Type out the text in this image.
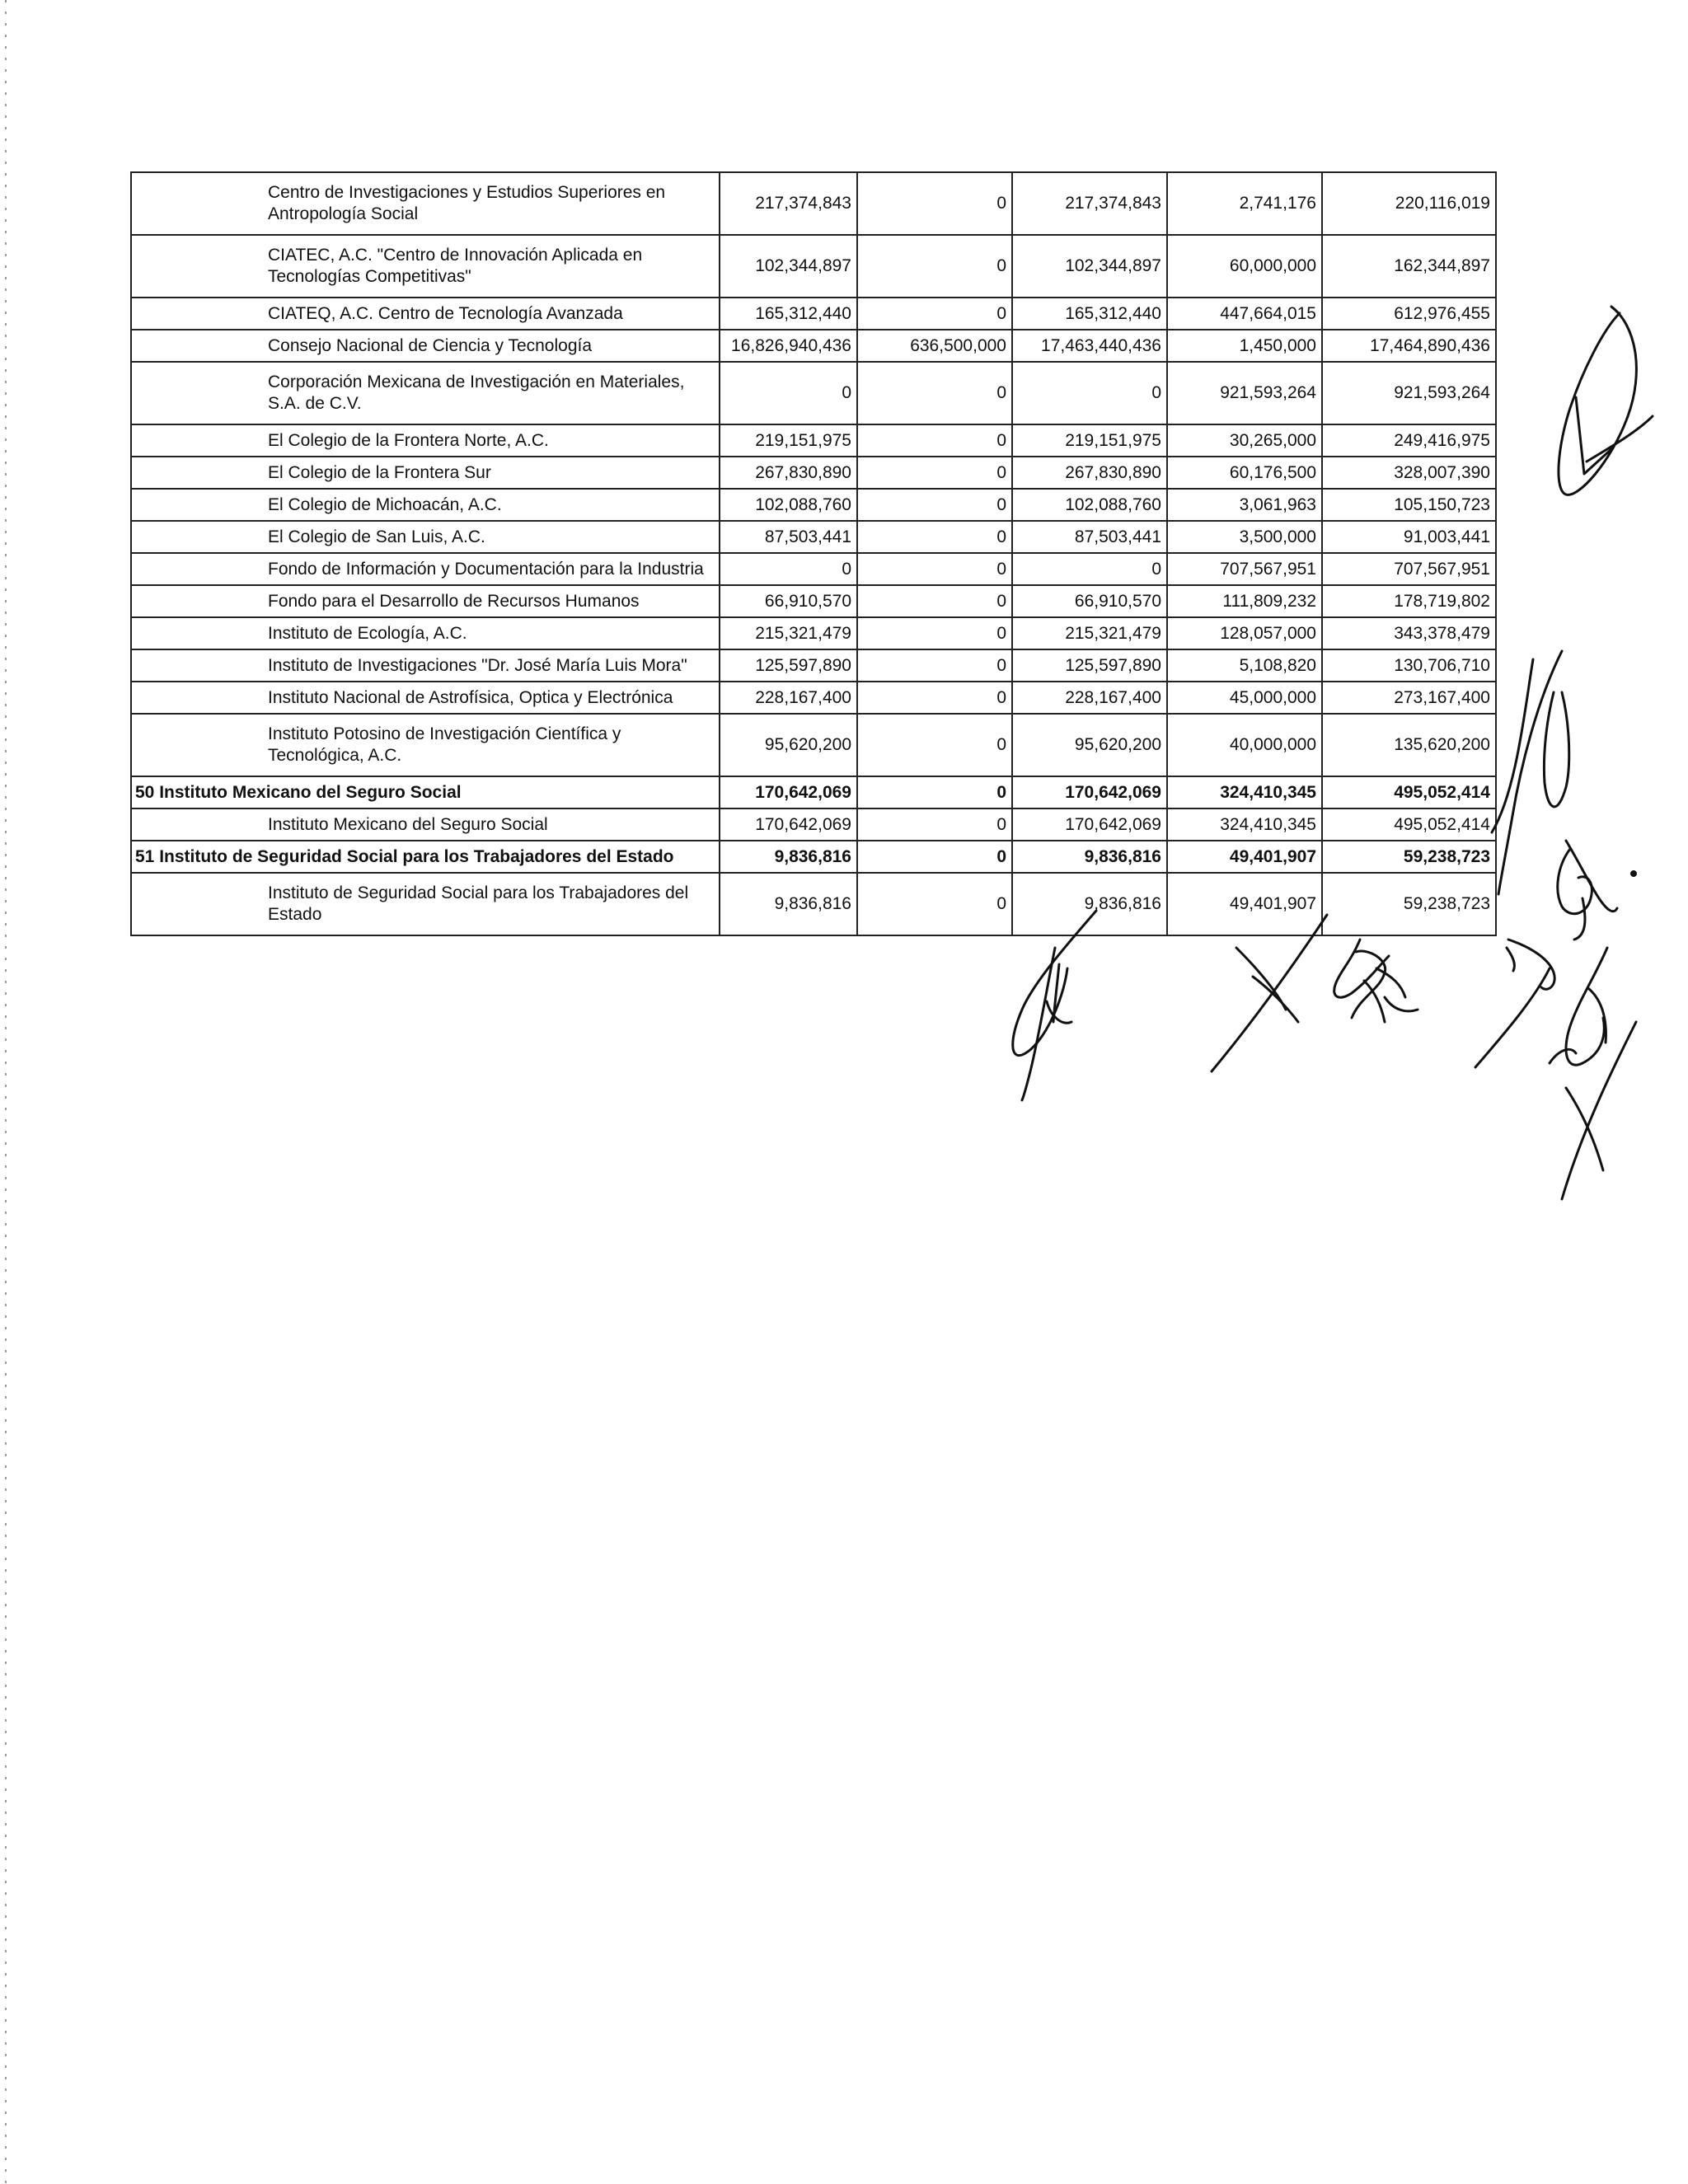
	Centro de Investigaciones y Estudios Superiores en Antropología Social	217,374,843	0	217,374,843	2,741,176	220,116,019
	CIATEC, A.C. "Centro de Innovación Aplicada en Tecnologías Competitivas"	102,344,897	0	102,344,897	60,000,000	162,344,897
	CIATEQ, A.C. Centro de Tecnología Avanzada	165,312,440	0	165,312,440	447,664,015	612,976,455
	Consejo Nacional de Ciencia y Tecnología	16,826,940,436	636,500,000	17,463,440,436	1,450,000	17,464,890,436
	Corporación Mexicana de Investigación en Materiales, S.A. de C.V.	0	0	0	921,593,264	921,593,264
	El Colegio de la Frontera Norte, A.C.	219,151,975	0	219,151,975	30,265,000	249,416,975
	El Colegio de la Frontera Sur	267,830,890	0	267,830,890	60,176,500	328,007,390
	El Colegio de Michoacán, A.C.	102,088,760	0	102,088,760	3,061,963	105,150,723
	El Colegio de San Luis, A.C.	87,503,441	0	87,503,441	3,500,000	91,003,441
	Fondo de Información y Documentación para la Industria	0	0	0	707,567,951	707,567,951
	Fondo para el Desarrollo de Recursos Humanos	66,910,570	0	66,910,570	111,809,232	178,719,802
	Instituto de Ecología, A.C.	215,321,479	0	215,321,479	128,057,000	343,378,479
	Instituto de Investigaciones "Dr. José María Luis Mora"	125,597,890	0	125,597,890	5,108,820	130,706,710
	Instituto Nacional de Astrofísica, Optica y Electrónica	228,167,400	0	228,167,400	45,000,000	273,167,400
	Instituto Potosino de Investigación Científica y Tecnológica, A.C.	95,620,200	0	95,620,200	40,000,000	135,620,200
50 Instituto Mexicano del Seguro Social		170,642,069	0	170,642,069	324,410,345	495,052,414
	Instituto Mexicano del Seguro Social	170,642,069	0	170,642,069	324,410,345	495,052,414
51 Instituto de Seguridad Social para los Trabajadores del Estado		9,836,816	0	9,836,816	49,401,907	59,238,723
	Instituto de Seguridad Social para los Trabajadores del Estado	9,836,816	0	9,836,816	49,401,907	59,238,723
